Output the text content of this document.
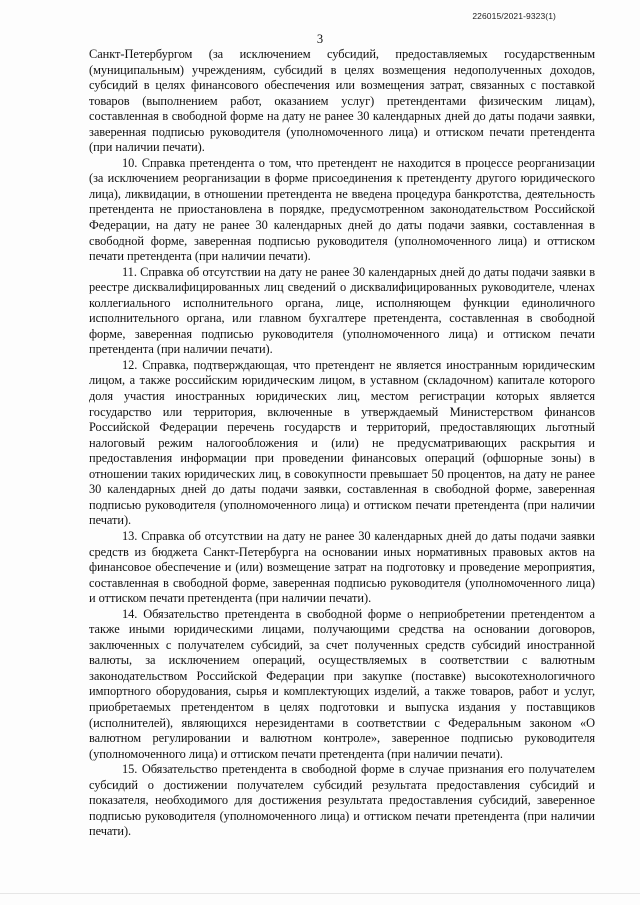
226015/2021-9323(1)
3

Санкт-Петербургом (за исключением субсидий, предоставляемых государственным (муниципальным) учреждениям, субсидий в целях возмещения недополученных доходов, субсидий в целях финансового обеспечения или возмещения затрат, связанных с поставкой товаров (выполнением работ, оказанием услуг) претендентами физическим лицам), составленная в свободной форме на дату не ранее 30 календарных дней до даты подачи заявки, заверенная подписью руководителя (уполномоченного лица) и оттиском печати претендента (при наличии печати).

10. Справка претендента о том, что претендент не находится в процессе реорганизации (за исключением реорганизации в форме присоединения к претенденту другого юридического лица), ликвидации, в отношении претендента не введена процедура банкротства, деятельность претендента не приостановлена в порядке, предусмотренном законодательством Российской Федерации, на дату не ранее 30 календарных дней до даты подачи заявки, составленная в свободной форме, заверенная подписью руководителя (уполномоченного лица) и оттиском печати претендента (при наличии печати).

11. Справка об отсутствии на дату не ранее 30 календарных дней до даты подачи заявки в реестре дисквалифицированных лиц сведений о дисквалифицированных руководителе, членах коллегиального исполнительного органа, лице, исполняющем функции единоличного исполнительного органа, или главном бухгалтере претендента, составленная в свободной форме, заверенная подписью руководителя (уполномоченного лица) и оттиском печати претендента (при наличии печати).

12. Справка, подтверждающая, что претендент не является иностранным юридическим лицом, а также российским юридическим лицом, в уставном (складочном) капитале которого доля участия иностранных юридических лиц, местом регистрации которых является государство или территория, включенные в утверждаемый Министерством финансов Российской Федерации перечень государств и территорий, предоставляющих льготный налоговый режим налогообложения и (или) не предусматривающих раскрытия и предоставления информации при проведении финансовых операций (офшорные зоны) в отношении таких юридических лиц, в совокупности превышает 50 процентов, на дату не ранее 30 календарных дней до даты подачи заявки, составленная в свободной форме, заверенная подписью руководителя (уполномоченного лица) и оттиском печати претендента (при наличии печати).

13. Справка об отсутствии на дату не ранее 30 календарных дней до даты подачи заявки средств из бюджета Санкт-Петербурга на основании иных нормативных правовых актов на финансовое обеспечение и (или) возмещение затрат на подготовку и проведение мероприятия, составленная в свободной форме, заверенная подписью руководителя (уполномоченного лица) и оттиском печати претендента (при наличии печати).

14. Обязательство претендента в свободной форме о неприобретении претендентом а также иными юридическими лицами, получающими средства на основании договоров, заключенных с получателем субсидий, за счет полученных средств субсидий иностранной валюты, за исключением операций, осуществляемых в соответствии с валютным законодательством Российской Федерации при закупке (поставке) высокотехнологичного импортного оборудования, сырья и комплектующих изделий, а также товаров, работ и услуг, приобретаемых претендентом в целях подготовки и выпуска издания у поставщиков (исполнителей), являющихся нерезидентами в соответствии с Федеральным законом «О валютном регулировании и валютном контроле», заверенное подписью руководителя (уполномоченного лица) и оттиском печати претендента (при наличии печати).

15. Обязательство претендента в свободной форме в случае признания его получателем субсидий о достижении получателем субсидий результата предоставления субсидий и показателя, необходимого для достижения результата предоставления субсидий, заверенное подписью руководителя (уполномоченного лица) и оттиском печати претендента (при наличии печати).
